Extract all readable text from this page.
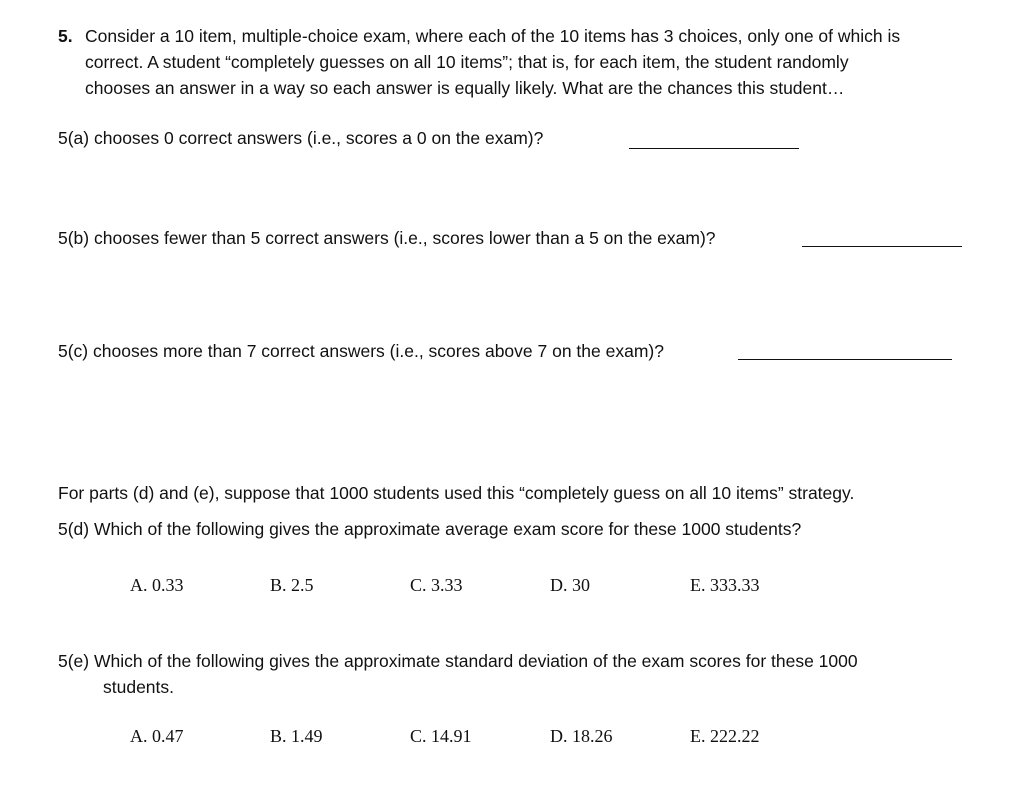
5. Consider a 10 item, multiple-choice exam, where each of the 10 items has 3 choices, only one of which is
correct. A student “completely guesses on all 10 items”; that is, for each item, the student randomly
chooses an answer in a way so each answer is equally likely. What are the chances this student…
5(a) chooses 0 correct answers (i.e., scores a 0 on the exam)?
5(b) chooses fewer than 5 correct answers (i.e., scores lower than a 5 on the exam)?
5(c) chooses more than 7 correct answers (i.e., scores above 7 on the exam)?
For parts (d) and (e), suppose that 1000 students used this “completely guess on all 10 items” strategy.
5(d) Which of the following gives the approximate average exam score for these 1000 students?
A. 0.33	B. 2.5	C. 3.33	D. 30	E. 333.33
5(e) Which of the following gives the approximate standard deviation of the exam scores for these 1000
students.
A. 0.47	B. 1.49	C. 14.91	D. 18.26	E. 222.22
